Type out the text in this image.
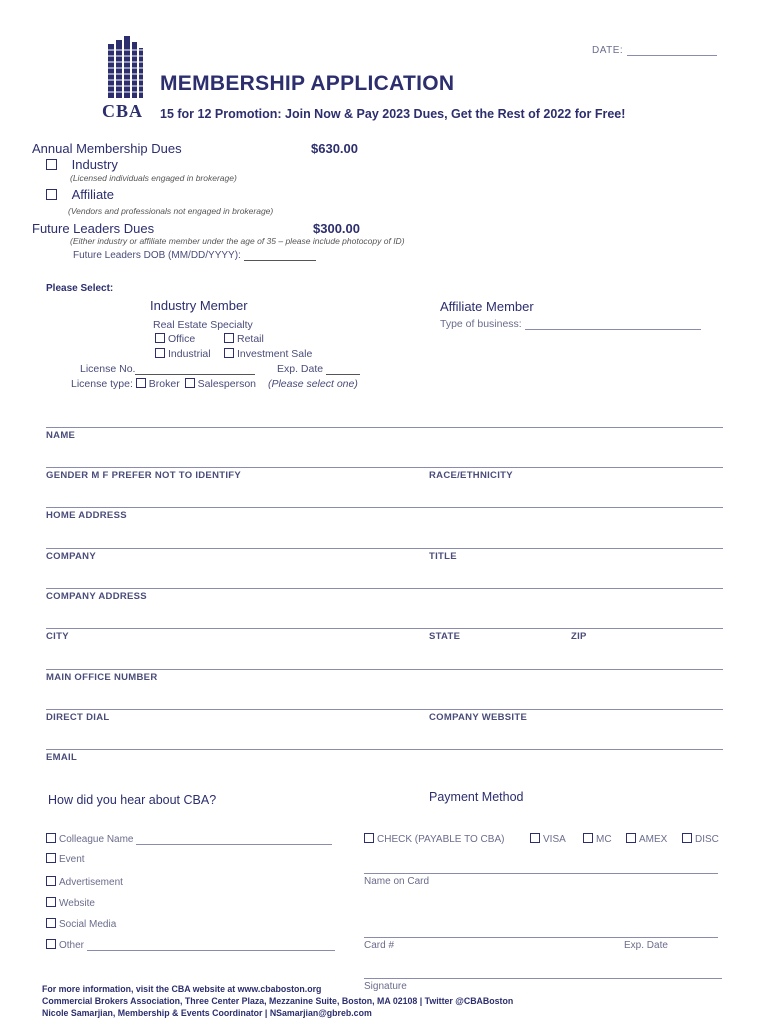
DATE:
CBA
MEMBERSHIP APPLICATION
15 for 12 Promotion: Join Now & Pay 2023 Dues, Get the Rest of 2022 for Free!
Annual Membership Dues	$630.00
Industry
(Licensed individuals engaged in brokerage)
Affiliate
(Vendors and professionals not engaged in brokerage)
Future Leaders Dues	$300.00
(Either industry or affiliate member under the age of 35 – please include photocopy of ID)
Future Leaders DOB (MM/DD/YYYY):
Please Select:
Industry Member
Real Estate Specialty
Office	Retail
Industrial	Investment Sale
License No.	Exp. Date
License type: Broker Salesperson (Please select one)
Affiliate Member
Type of business:
NAME
GENDER M F PREFER NOT TO IDENTIFY	RACE/ETHNICITY
HOME ADDRESS
COMPANY	TITLE
COMPANY ADDRESS
CITY	STATE	ZIP
MAIN OFFICE NUMBER
DIRECT DIAL	COMPANY WEBSITE
EMAIL
How did you hear about CBA?
Colleague Name
Event
Advertisement
Website
Social Media
Other
Payment Method
CHECK (PAYABLE TO CBA)	VISA	MC	AMEX	DISC
Name on Card
Card #	Exp. Date
Signature
For more information, visit the CBA website at www.cbaboston.org
Commercial Brokers Association, Three Center Plaza, Mezzanine Suite, Boston, MA 02108 | Twitter @CBABoston
Nicole Samarjian, Membership & Events Coordinator | NSamarjian@gbreb.com
